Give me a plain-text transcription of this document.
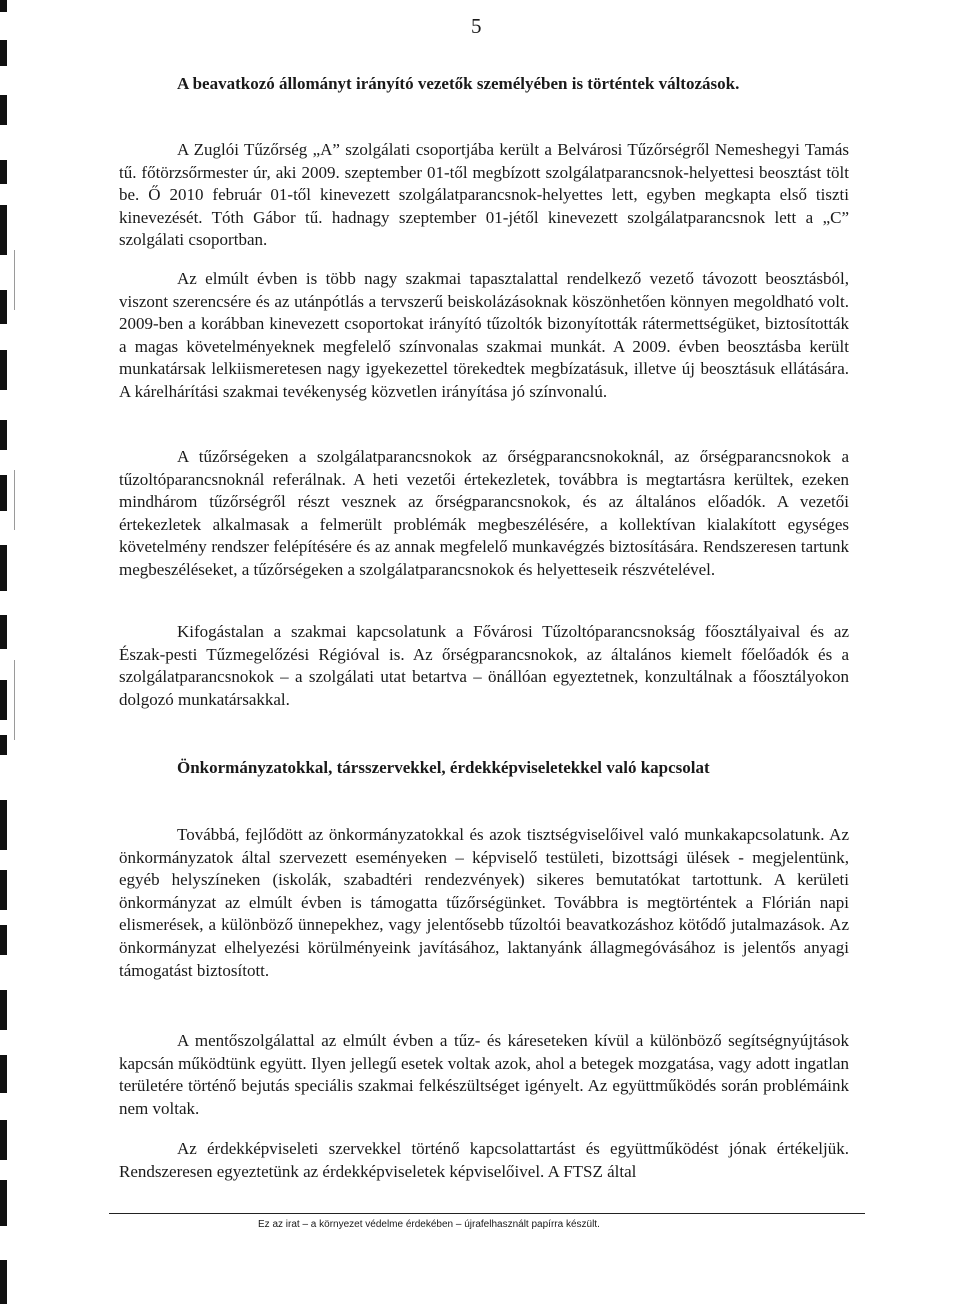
5
A beavatkozó állományt irányító vezetők személyében is történtek változások.

A Zuglói Tűzőrség „A” szolgálati csoportjába került a Belvárosi Tűzőrségről Nemeshegyi Tamás tű. főtörzsőrmester úr, aki 2009. szeptember 01-től megbízott szolgálatparancsnok-helyettesi beosztást tölt be. Ő 2010 február 01-től kinevezett szolgálatparancsnok-helyettes lett, egyben megkapta első tiszti kinevezését. Tóth Gábor tű. hadnagy szeptember 01-jétől kinevezett szolgálatparancsnok lett a „C” szolgálati csoportban.

Az elmúlt évben is több nagy szakmai tapasztalattal rendelkező vezető távozott beosztásból, viszont szerencsére és az utánpótlás a tervszerű beiskolázásoknak köszönhetően könnyen megoldható volt. 2009-ben a korábban kinevezett csoportokat irányító tűzoltók bizonyították rátermettségüket, biztosították a magas követelményeknek megfelelő színvonalas szakmai munkát. A 2009. évben beosztásba került munkatársak lelkiismeretesen nagy igyekezettel törekedtek megbízatásuk, illetve új beosztásuk ellátására. A kárelhárítási szakmai tevékenység közvetlen irányítása jó színvonalú.

A tűzőrségeken a szolgálatparancsnokok az őrségparancsnokoknál, az őrségparancsnokok a tűzoltóparancsnoknál referálnak. A heti vezetői értekezletek, továbbra is megtartásra kerültek, ezeken mindhárom tűzőrségről részt vesznek az őrségparancsnokok, és az általános előadók. A vezetői értekezletek alkalmasak a felmerült problémák megbeszélésére, a kollektívan kialakított egységes követelmény rendszer felépítésére és az annak megfelelő munkavégzés biztosítására. Rendszeresen tartunk megbeszéléseket, a tűzőrségeken a szolgálatparancsnokok és helyetteseik részvételével.

Kifogástalan a szakmai kapcsolatunk a Fővárosi Tűzoltóparancsnokság főosztályaival és az Észak-pesti Tűzmegelőzési Régióval is. Az őrségparancsnokok, az általános kiemelt főelőadók és a szolgálatparancsnokok – a szolgálati utat betartva – önállóan egyeztetnek, konzultálnak a főosztályokon dolgozó munkatársakkal.

Önkormányzatokkal, társszervekkel, érdekképviseletekkel való kapcsolat

Továbbá, fejlődött az önkormányzatokkal és azok tisztségviselőivel való munkakapcsolatunk. Az önkormányzatok által szervezett eseményeken – képviselő testületi, bizottsági ülések - megjelentünk, egyéb helyszíneken (iskolák, szabadtéri rendezvények) sikeres bemutatókat tartottunk. A kerületi önkormányzat az elmúlt évben is támogatta tűzőrségünket. Továbbra is megtörténtek a Flórián napi elismerések, a különböző ünnepekhez, vagy jelentősebb tűzoltói beavatkozáshoz kötődő jutalmazások. Az önkormányzat elhelyezési körülményeink javításához, laktanyánk állagmegóvásához is jelentős anyagi támogatást biztosított.

A mentőszolgálattal az elmúlt évben a tűz- és káreseteken kívül a különböző segítségnyújtások kapcsán működtünk együtt. Ilyen jellegű esetek voltak azok, ahol a betegek mozgatása, vagy adott ingatlan területére történő bejutás speciális szakmai felkészültséget igényelt. Az együttműködés során problémáink nem voltak.

Az érdekképviseleti szervekkel történő kapcsolattartást és együttműködést jónak értékeljük. Rendszeresen egyeztetünk az érdekképviseletek képviselőivel. A FTSZ által

Ez az irat – a környezet védelme érdekében – újrafelhasznált papírra készült.
